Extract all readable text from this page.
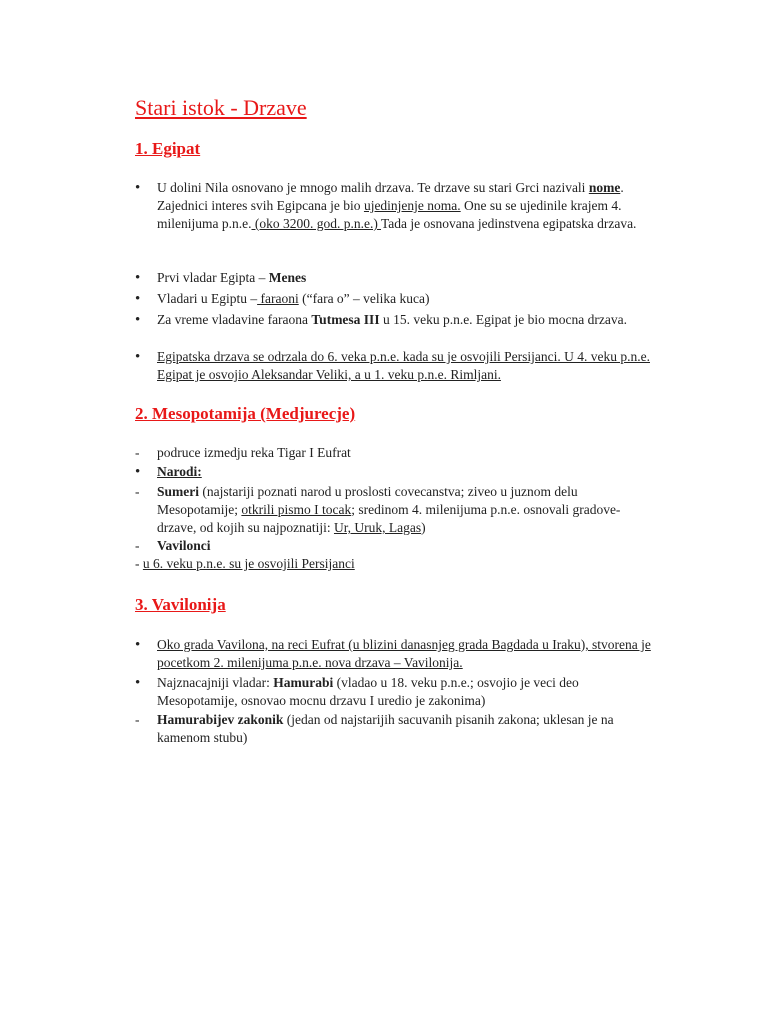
Stari istok - Drzave
1. Egipat
•
U dolini Nila osnovano je mnogo malih drzava. Te drzave su stari Grci nazivali nome. Zajednici interes svih Egipcana je bio ujedinjenje noma. One su se ujedinile krajem 4. milenijuma p.n.e. (oko 3200. god. p.n.e.) Tada je osnovana jedinstvena egipatska drzava.
•
Prvi vladar Egipta – Menes
•
Vladari u Egiptu – faraoni (“fara o” – velika kuca)
•
Za vreme vladavine faraona Tutmesa III u 15. veku p.n.e. Egipat je bio mocna drzava.
•
Egipatska drzava se odrzala do 6. veka p.n.e. kada su je osvojili Persijanci. U 4. veku p.n.e. Egipat je osvojio Aleksandar Veliki, a u 1. veku p.n.e. Rimljani.
2. Mesopotamija (Medjurecje)
-
podruce izmedju reka Tigar I Eufrat
•
Narodi:
-
Sumeri (najstariji poznati narod u proslosti covecanstva; ziveo u juznom delu Mesopotamije; otkrili pismo I tocak; sredinom 4. milenijuma p.n.e. osnovali gradove-drzave, od kojih su najpoznatiji: Ur, Uruk, Lagas)
-
Vavilonci
- u 6. veku p.n.e. su je osvojili Persijanci
3. Vavilonija
•
Oko grada Vavilona, na reci Eufrat (u blizini danasnjeg grada Bagdada u Iraku), stvorena je pocetkom 2. milenijuma p.n.e. nova drzava – Vavilonija.
•
Najznacajniji vladar: Hamurabi (vladao u 18. veku p.n.e.; osvojio je veci deo Mesopotamije, osnovao mocnu drzavu I uredio je zakonima)
-
Hamurabijev zakonik (jedan od najstarijih sacuvanih pisanih zakona; uklesan je na kamenom stubu)
